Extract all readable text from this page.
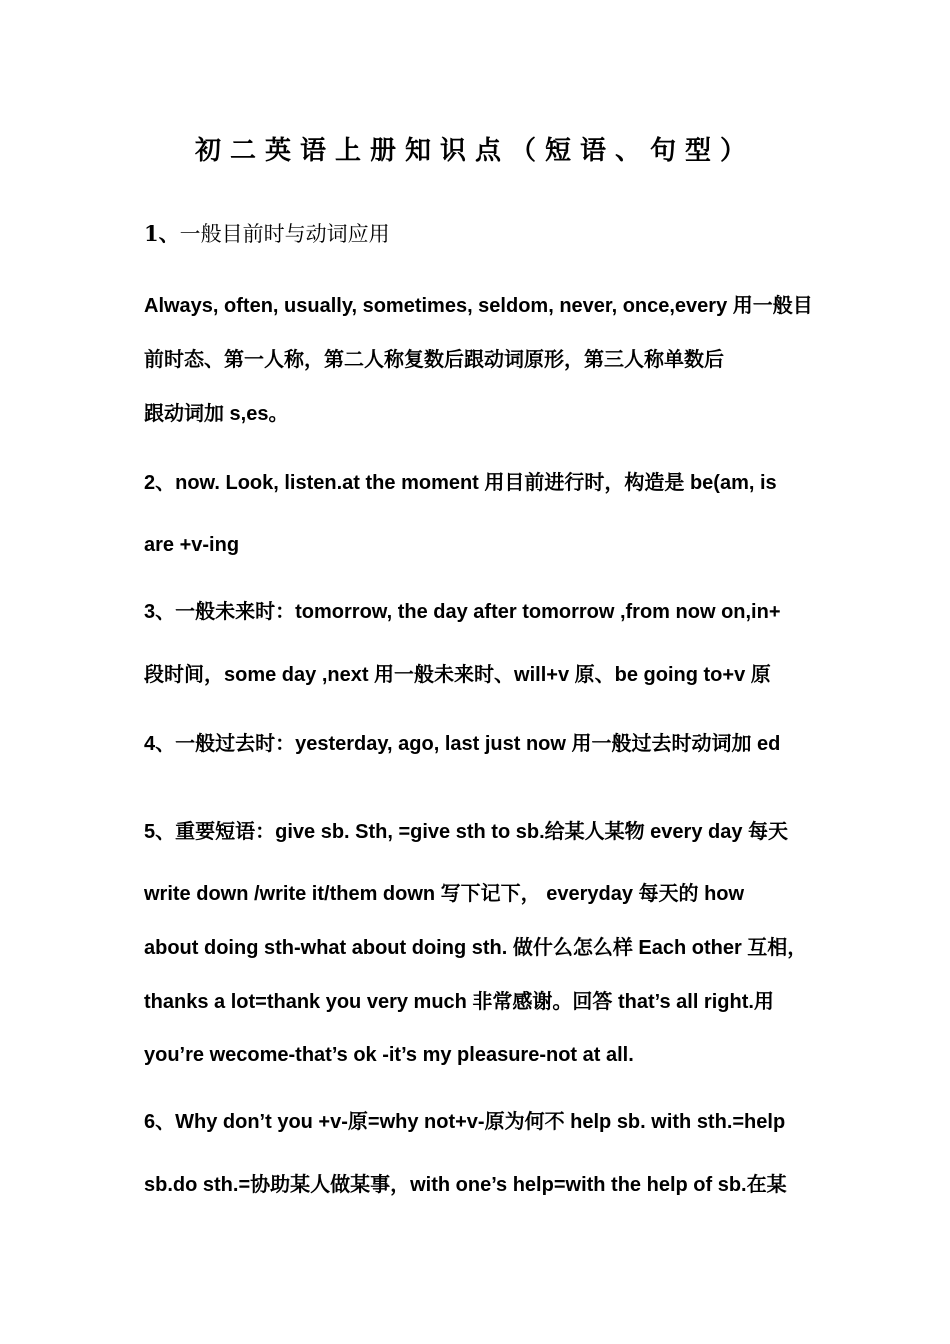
初二英语上册知识点（短语、句型）
1、一般目前时与动词应用
Always, often, usually, sometimes, seldom, never, once,every 用一般目
前时态、第一人称，第二人称复数后跟动词原形，第三人称单数后
跟动词加 s,es。
2、now. Look, listen.at the moment 用目前进行时，构造是 be(am, is
are +v-ing
3、一般未来时：tomorrow, the day after tomorrow ,from now on,in+
段时间，some day ,next 用一般未来时、will+v 原、be going to+v 原
4、一般过去时：yesterday, ago, last just now 用一般过去时动词加 ed
5、重要短语：give sb. Sth, =give sth to sb.给某人某物 every day 每天
write down /write it/them down 写下记下， everyday 每天的 how
about doing sth-what about doing sth. 做什么怎么样 Each other 互相，
thanks a lot=thank you very much 非常感谢。回答 that’s all right.用
you’re wecome-that’s ok -it’s my pleasure-not at all.
6、Why don’t you +v-原=why not+v-原为何不 help sb. with sth.=help
sb.do sth.=协助某人做某事，with one’s help=with the help of sb.在某
